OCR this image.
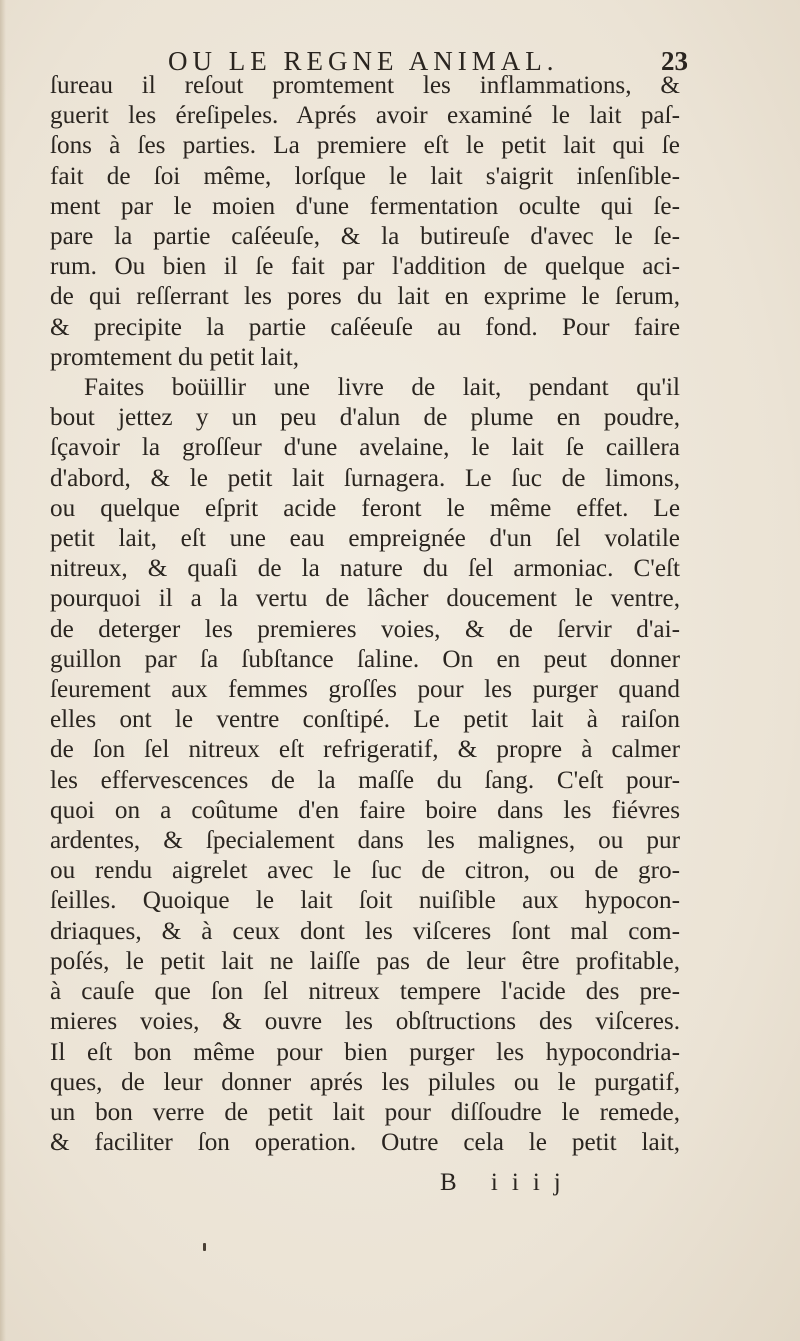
OU LE REGNE ANIMAL.	23
ſureau il reſout promtement les inflammations, &
guerit les éreſipeles. Aprés avoir examiné le lait paſ-
ſons à ſes parties. La premiere eſt le petit lait qui ſe
fait de ſoi même, lorſque le lait s'aigrit inſenſible-
ment par le moien d'une fermentation oculte qui ſe-
pare la partie caſéeuſe, & la butireuſe d'avec le ſe-
rum. Ou bien il ſe fait par l'addition de quelque aci-
de qui reſſerrant les pores du lait en exprime le ſerum,
& precipite la partie caſéeuſe au fond. Pour faire
promtement du petit lait,
Faites boüillir une livre de lait, pendant qu'il
bout jettez y un peu d'alun de plume en poudre,
ſçavoir la groſſeur d'une avelaine, le lait ſe caillera
d'abord, & le petit lait ſurnagera. Le ſuc de limons,
ou quelque eſprit acide feront le même effet. Le
petit lait, eſt une eau empreignée d'un ſel volatile
nitreux, & quaſi de la nature du ſel armoniac. C'eſt
pourquoi il a la vertu de lâcher doucement le ventre,
de deterger les premieres voies, & de ſervir d'ai-
guillon par ſa ſubſtance ſaline. On en peut donner
ſeurement aux femmes groſſes pour les purger quand
elles ont le ventre conſtipé. Le petit lait à raiſon
de ſon ſel nitreux eſt refrigeratif, & propre à calmer
les effervescences de la maſſe du ſang. C'eſt pour-
quoi on a coûtume d'en faire boire dans les fiévres
ardentes, & ſpecialement dans les malignes, ou pur
ou rendu aigrelet avec le ſuc de citron, ou de gro-
ſeilles. Quoique le lait ſoit nuiſible aux hypocon-
driaques, & à ceux dont les viſceres ſont mal com-
poſés, le petit lait ne laiſſe pas de leur être profitable,
à cauſe que ſon ſel nitreux tempere l'acide des pre-
mieres voies, & ouvre les obſtructions des viſceres.
Il eſt bon même pour bien purger les hypocondria-
ques, de leur donner aprés les pilules ou le purgatif,
un bon verre de petit lait pour diſſoudre le remede,
& faciliter ſon operation. Outre cela le petit lait,
B iiij
